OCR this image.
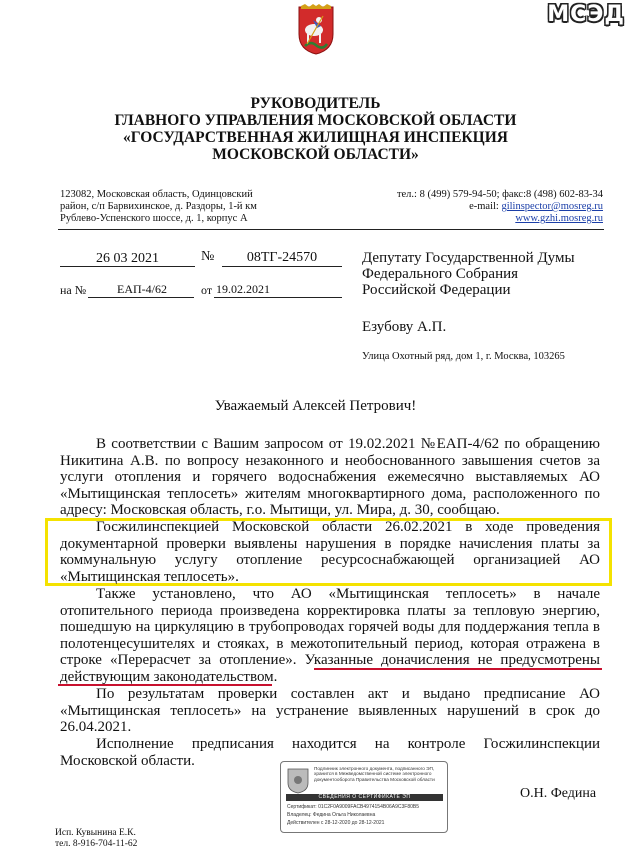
МСЭД
РУКОВОДИТЕЛЬ
ГЛАВНОГО УПРАВЛЕНИЯ МОСКОВСКОЙ ОБЛАСТИ
«ГОСУДАРСТВЕННАЯ ЖИЛИЩНАЯ ИНСПЕКЦИЯ
МОСКОВСКОЙ ОБЛАСТИ»
123082, Московская область, Одинцовский
район, с/п Барвихинское, д. Раздоры, 1-й км
Рублево-Успенского шоссе, д. 1, корпус А
тел.: 8 (499) 579-94-50; факс:8 (498) 602-83-34
e-mail: gilinspector@mosreg.ru
www.gzhi.mosreg.ru
26 03 2021	№	08ТГ-24570
на №	ЕАП-4/62	от 19.02.2021
Депутату Государственной Думы
Федерального Собрания
Российской Федерации
Езубову А.П.
Улица Охотный ряд, дом 1, г. Москва, 103265
Уважаемый Алексей Петрович!
В соответствии с Вашим запросом от 19.02.2021 №ЕАП-4/62 по обращению Никитина А.В. по вопросу незаконного и необоснованного завышения счетов за услуги отопления и горячего водоснабжения ежемесячно выставляемых АО «Мытищинская теплосеть» жителям многоквартирного дома, расположенного по адресу: Московская область, г.о. Мытищи, ул. Мира, д. 30, сообщаю.
Госжилинспекцией Московской области 26.02.2021 в ходе проведения документарной проверки выявлены нарушения в порядке начисления платы за коммунальную услугу отопление ресурсоснабжающей организацией АО «Мытищинская теплосеть».
Также установлено, что АО «Мытищинская теплосеть» в начале отопительного периода произведена корректировка платы за тепловую энергию, пошедшую на циркуляцию в трубопроводах горячей воды для поддержания тепла в полотенцесушителях и стояках, в межотопительный период, которая отражена в строке «Перерасчет за отопление». Указанные доначисления не предусмотрены действующим законодательством.
По результатам проверки составлен акт и выдано предписание АО «Мытищинская теплосеть» на устранение выявленных нарушений в срок до 26.04.2021.
Исполнение предписания находится на контроле Госжилинспекции Московской области.
О.Н. Федина
Подлинник электронного документа, подписанного ЭП, хранится в Межведомственной системе электронного документооборота Правительства Московской области
СВЕДЕНИЯ О СЕРТИФИКАТЕ ЭП
Сертификат: 01C2F0A9009FACB4974154B06A9C3F80B5
Владелец: Федина Ольга Николаевна
Действителен с 28-12-2020 до 28-12-2021
Исп. Кувынина Е.К.
тел. 8-916-704-11-62
